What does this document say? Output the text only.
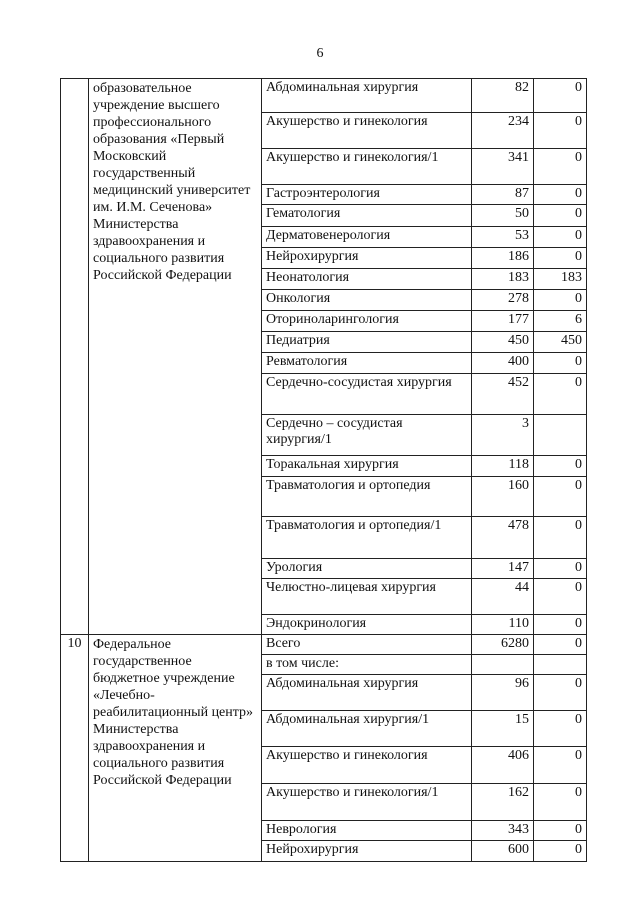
6
	образовательное учреждение высшего профессионального образования «Первый Московский государственный медицинский университет им. И.М. Сеченова» Министерства здравоохранения и социального развития Российской Федерации	Абдоминальная хирургия	82	0
		Акушерство и гинекология	234	0
		Акушерство и гинекология/1	341	0
		Гастроэнтерология	87	0
		Гематология	50	0
		Дерматовенерология	53	0
		Нейрохирургия	186	0
		Неонатология	183	183
		Онкология	278	0
		Оториноларингология	177	6
		Педиатрия	450	450
		Ревматология	400	0
		Сердечно-сосудистая хирургия	452	0
		Сердечно – сосудистая хирургия/1	3	
		Торакальная хирургия	118	0
		Травматология и ортопедия	160	0
		Травматология и ортопедия/1	478	0
		Урология	147	0
		Челюстно-лицевая хирургия	44	0
		Эндокринология	110	0
10	Федеральное государственное бюджетное учреждение «Лечебно-реабилитационный центр» Министерства здравоохранения и социального развития Российской Федерации	Всего	6280	0
		в том числе:		
		Абдоминальная хирургия	96	0
		Абдоминальная хирургия/1	15	0
		Акушерство и гинекология	406	0
		Акушерство и гинекология/1	162	0
		Неврология	343	0
		Нейрохирургия	600	0
